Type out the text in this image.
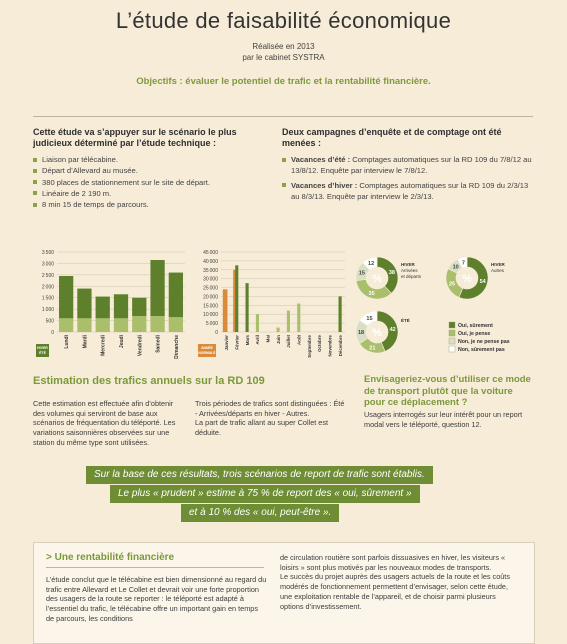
L’étude de faisabilité économique
Réalisée en 2013
par le cabinet SYSTRA
Objectifs : évaluer le potentiel de trafic et la rentabilité financière.
Cette étude va s’appuyer sur le scénario le plus judicieux déterminé par l’étude technique :
Liaison par télécabine.
Départ d’Allevard au musée.
380 places de stationnement sur le site de départ.
Linéaire de 2 190 m.
8 min 15 de temps de parcours.
Deux campagnes d’enquête et de comptage ont été menées :
Vacances d’été : Comptages automatiques sur la RD 109 du 7/8/12 au 13/8/12. Enquête par interview le 7/8/12.
Vacances d’hiver : Comptages automatiques sur la RD 109 du 2/3/13 au 8/3/13. Enquête par interview le 2/3/13.
0
500
1 000
1 500
2 000
2 500
3 000
3 500
Lundi Mardi Mercredi Jeudi Vendredi Samedi Dimanche
HIVER
ÉTÉ
0
5 000
10 000
15 000
20 000
25 000
30 000
35 000
40 000
45 000
Janvier Février Mars Avril Mai Juin Juillet Août Septembre Octobre Novembre Décembre
ANNÉE
NORMALE
38
35
15
12
%
HIVER
Arrivées
et départs
54
25
10
7
%
HIVER
Autres
42
21
18
15
%
ÉTÉ
Oui, sûrement
Oui, je pense
Non, je ne pense pas
Non, sûrement pas
Estimation des trafics annuels sur la RD 109
Cette estimation est effectuée afin d’obtenir des volumes qui serviront de base aux scénarios de fréquentation du téléporté. Les variations saisonnières observées sur une station du même type sont utilisées.
Trois périodes de trafics sont distinguées : Été - Arrivées/départs en hiver - Autres.
La part de trafic allant au super Collet est déduite.
Envisageriez-vous d’utiliser ce mode de transport plutôt que la voiture pour ce déplacement ?
Usagers interrogés sur leur intérêt pour un report modal vers le téléporté, question 12.
Sur la base de ces résultats, trois scénarios de report de trafic sont établis.
Le plus « prudent » estime à 75 % de report des « oui, sûrement »
et à 10 % des « oui, peut-être ».
> Une rentabilité financière
L’étude conclut que le télécabine est bien dimensionné au regard du trafic entre Allevard et Le Collet et devrait voir une forte proportion des usagers de la route se reporter : le téléporté est adapté à l’essentiel du trafic, le télécabine offre un important gain en temps de parcours, les conditions
de circulation routière sont parfois dissuasives en hiver, les visiteurs « loisirs » sont plus motivés par les nouveaux modes de transports.
Le succès du projet auprès des usagers actuels de la route et les coûts modérés de fonctionnement permettent d’envisager, selon cette étude, une exploitation rentable de l’appareil, et de choisir parmi plusieurs options d’investissement.
